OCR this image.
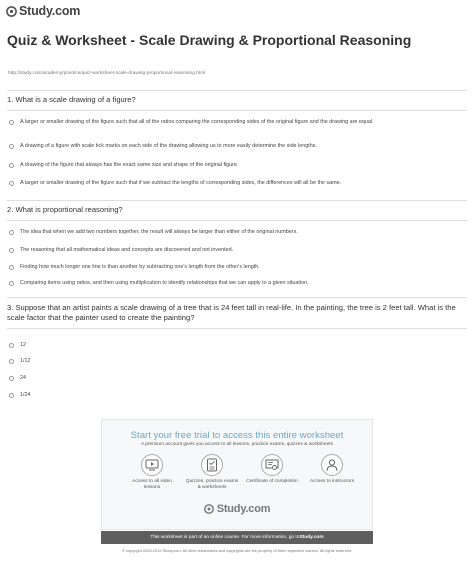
Study.com
Quiz & Worksheet - Scale Drawing & Proportional Reasoning
http://study.com/academy/practice/quiz-worksheet-scale-drawing-proportional-reasoning.html
1. What is a scale drawing of a figure?
A larger or smaller drawing of the figure such that all of the ratios comparing the corresponding sides of the original figure and the drawing are equal.
A drawing of a figure with scale tick marks on each side of the drawing allowing us to more easily determine the side lengths.
A drawing of the figure that always has the exact same size and shape of the original figure.
A larger or smaller drawing of the figure such that if we subtract the lengths of corresponding sides, the differences will all be the same.
2. What is proportional reasoning?
The idea that when we add two numbers together, the result will always be larger than either of the original numbers.
The reasoning that all mathematical ideas and concepts are discovered and not invented.
Finding how much longer one line is than another by subtracting one's length from the other's length.
Comparing items using ratios, and then using multiplication to identify relationships that we can apply to a given situation.
3. Suppose that an artist paints a scale drawing of a tree that is 24 feet tall in real-life. In the painting, the tree is 2 feet tall. What is the scale factor that the painter used to create the painting?
12
1/12
24
1/24
Start your free trial to access this entire worksheet
A premium account gives you access to all lessons, practice exams, quizzes & worksheets
Access to all video lessons
Quizzes, practice exams & worksheets
Certificate of completion	Access to instructors
Study.com
This worksheet is part of an online course. For more information, go to Study.com
© copyright 2003-2015 Study.com. All other trademarks and copyrights are the property of their respective owners. All rights reserved.
